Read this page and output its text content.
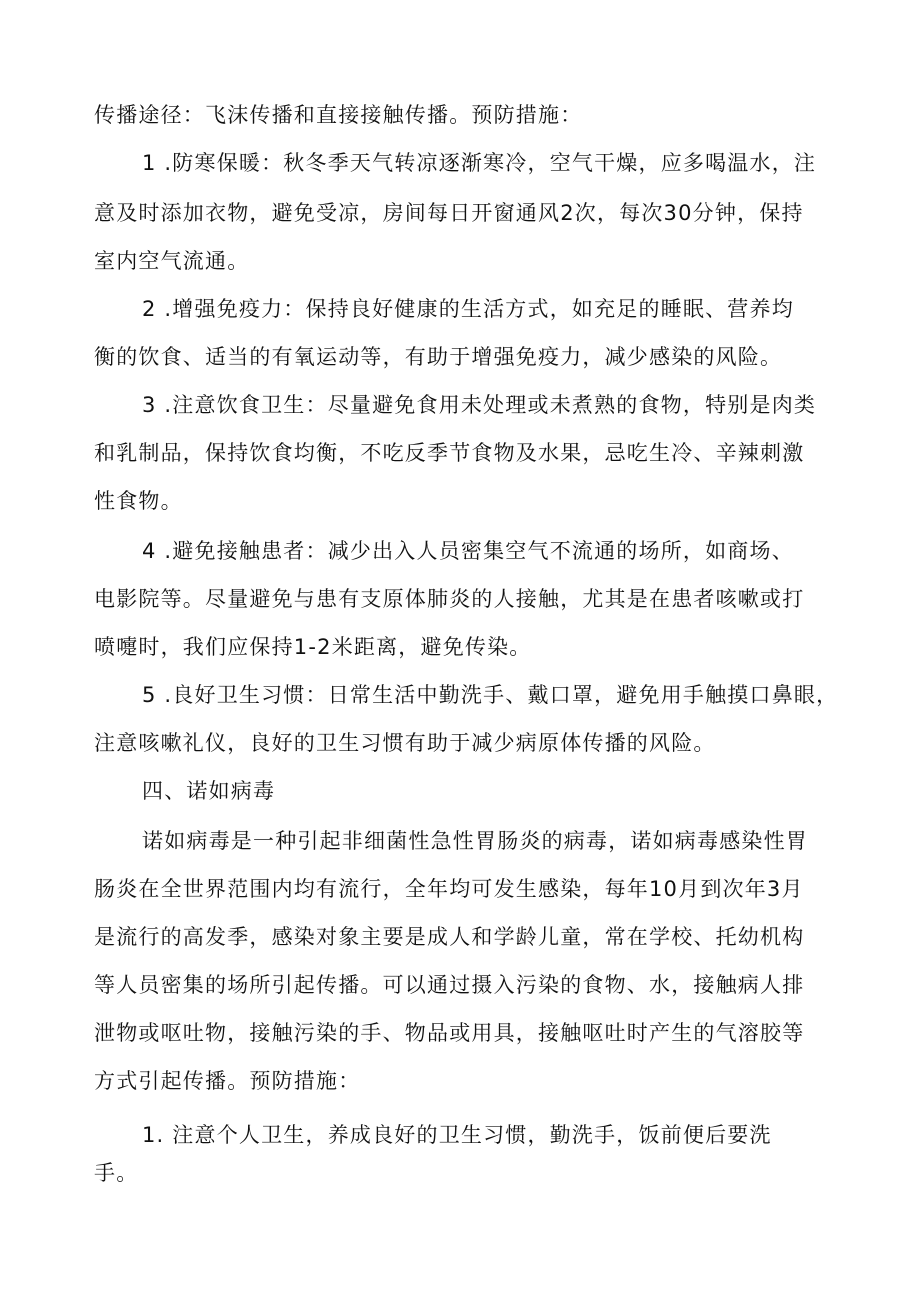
传播途径：飞沫传播和直接接触传播。预防措施：
1 .防寒保暖：秋冬季天气转凉逐渐寒冷，空气干燥，应多喝温水，注
意及时添加衣物，避免受凉，房间每日开窗通风2次，每次30分钟，保持
室内空气流通。
2 .增强免疫力：保持良好健康的生活方式，如充足的睡眠、营养均
衡的饮食、适当的有氧运动等，有助于增强免疫力，减少感染的风险。
3 .注意饮食卫生：尽量避免食用未处理或未煮熟的食物，特别是肉类
和乳制品，保持饮食均衡，不吃反季节食物及水果，忌吃生冷、辛辣刺激
性食物。
4 .避免接触患者：减少出入人员密集空气不流通的场所，如商场、
电影院等。尽量避免与患有支原体肺炎的人接触，尤其是在患者咳嗽或打
喷嚏时，我们应保持1-2米距离，避免传染。
5 .良好卫生习惯：日常生活中勤洗手、戴口罩，避免用手触摸口鼻眼，
注意咳嗽礼仪，良好的卫生习惯有助于减少病原体传播的风险。
四、诺如病毒
诺如病毒是一种引起非细菌性急性胃肠炎的病毒，诺如病毒感染性胃
肠炎在全世界范围内均有流行，全年均可发生感染，每年10月到次年3月
是流行的高发季，感染对象主要是成人和学龄儿童，常在学校、托幼机构
等人员密集的场所引起传播。可以通过摄入污染的食物、水，接触病人排
泄物或呕吐物，接触污染的手、物品或用具，接触呕吐时产生的气溶胶等
方式引起传播。预防措施：
1. 注意个人卫生，养成良好的卫生习惯，勤洗手，饭前便后要洗
手。
